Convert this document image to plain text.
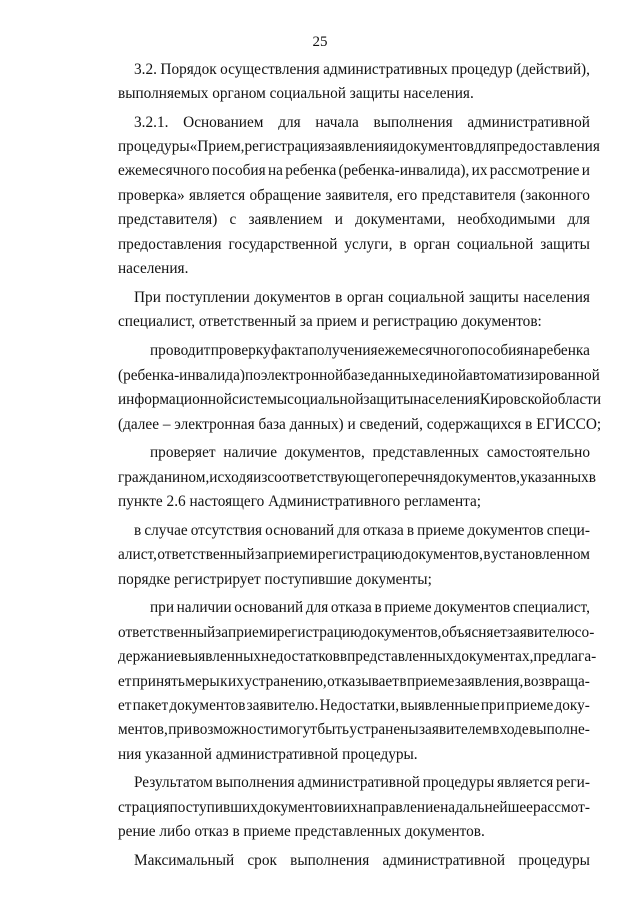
25
3.2. Порядок осуществления административных процедур (действий),
выполняемых органом социальной защиты населения.
3.2.1. Основанием для начала выполнения административной
процедуры «Прием, регистрация заявления и документов для предоставления
ежемесячного пособия на ребенка (ребенка-инвалида), их рассмотрение и
проверка» является обращение заявителя, его представителя (законного
представителя) с заявлением и документами, необходимыми для
предоставления государственной услуги, в орган социальной защиты
населения.
При поступлении документов в орган социальной защиты населения
специалист, ответственный за прием и регистрацию документов:
проводит проверку факта получения ежемесячного пособия на ребенка
(ребенка-инвалида) по электронной базе данных единой автоматизированной
информационной системы социальной защиты населения Кировской области
(далее – электронная база данных) и сведений, содержащихся в ЕГИССО;
проверяет наличие документов, представленных самостоятельно
гражданином, исходя из соответствующего перечня документов, указанных в
пункте 2.6 настоящего Административного регламента;
в случае отсутствия оснований для отказа в приеме документов специ-
алист, ответственный за прием и регистрацию документов, в установленном
порядке регистрирует поступившие документы;
при наличии оснований для отказа в приеме документов специалист,
ответственный за прием и регистрацию документов, объясняет заявителю со-
держание выявленных недостатков в представленных документах, предлага-
ет принять меры к их устранению, отказывает в приеме заявления, возвраща-
ет пакет документов заявителю. Недостатки, выявленные при приеме доку-
ментов, при возможности могут быть устранены заявителем в ходе выполне-
ния указанной административной процедуры.
Результатом выполнения административной процедуры является реги-
страция поступивших документов и их направление на дальнейшее рассмот-
рение либо отказ в приеме представленных документов.
Максимальный срок выполнения административной процедуры
